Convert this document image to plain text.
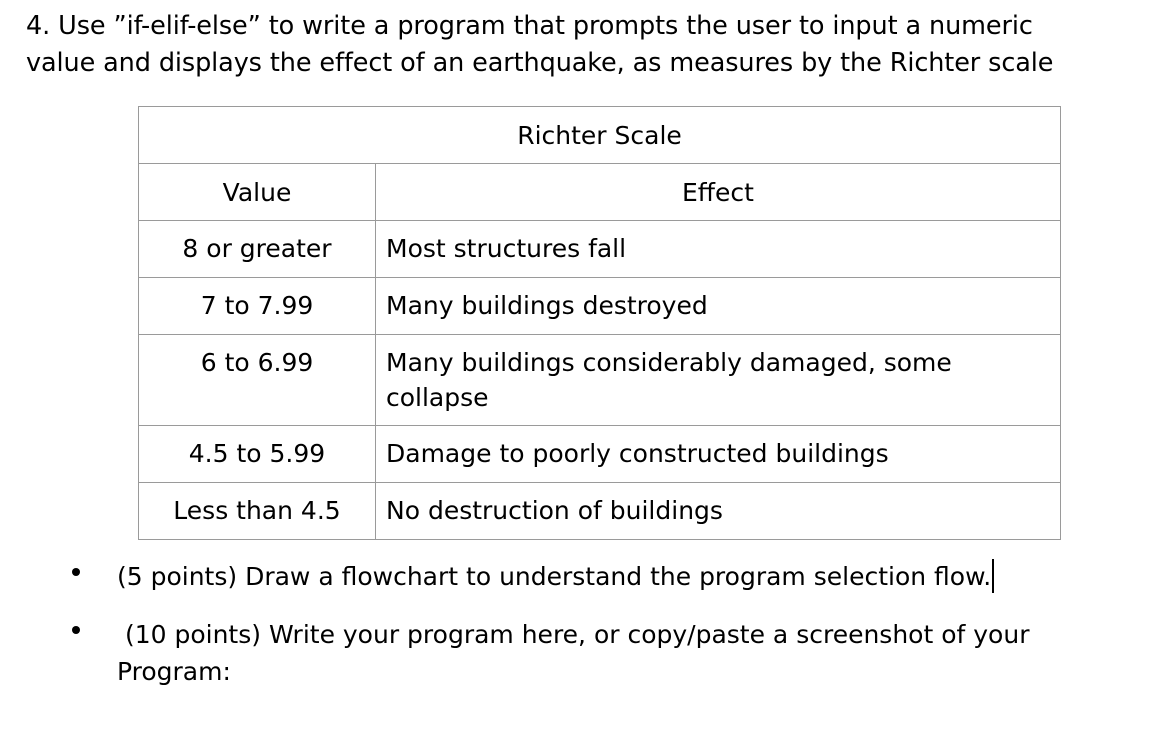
4. Use ”if-elif-else” to write a program that prompts the user to input a numeric
value and displays the effect of an earthquake, as measures by the Richter scale
Richter Scale	
Value	Effect
8 or greater	Most structures fall

7 to 7.99	Many buildings destroyed

6 to 6.99	Many buildings considerably damaged, some
collapse

4.5 to 5.99	Damage to poorly constructed buildings

Less than 4.5	No destruction of buildings
(5 points) Draw a flowchart to understand the program selection flow.
(10 points) Write your program here, or copy/paste a screenshot of your
Program:
